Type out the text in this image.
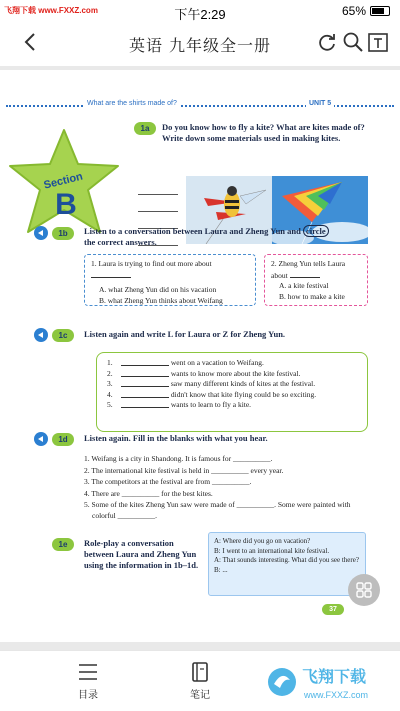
飞翔下载 www.FXXZ.com	下午2:29	65%
英语 九年级全一册
What are the shirts made of?	UNIT 5
Section
B
1a	Do you know how to fly a kite? What are kites made of? Write down some materials used in making kites.
1b	Listen to a conversation between Laura and Zheng Yun and circle
the correct answers.
1. Laura is trying to find out more about
A. what Zheng Yun did on his vacation
B. what Zheng Yun thinks about Weifang
2. Zheng Yun tells Laura about
A. a kite festival
B. how to make a kite
1c	Listen again and write L for Laura or Z for Zheng Yun.
1.
	went on a vacation to Weifang.
2.
	wants to know more about the kite festival.
3.
	saw many different kinds of kites at the festival.
4.
	didn't know that kite flying could be so exciting.
5.
	wants to learn to fly a kite.
1d	Listen again. Fill in the blanks with what you hear.
1. Weifang is a city in Shandong. It is famous for __________.
2. The international kite festival is held in __________ every year.
3. The competitors at the festival are from __________.
4. There are __________ for the best kites.
5. Some of the kites Zheng Yun saw were made of __________. Some were painted with colorful __________.
1e	Role-play a conversation between Laura and Zheng Yun using the information in 1b–1d.
A: Where did you go on vacation?
B: I went to an international kite festival.
A: That sounds interesting. What did you see there?
B: ...
37
目录	笔记
飞翔下载
www.FXXZ.com
